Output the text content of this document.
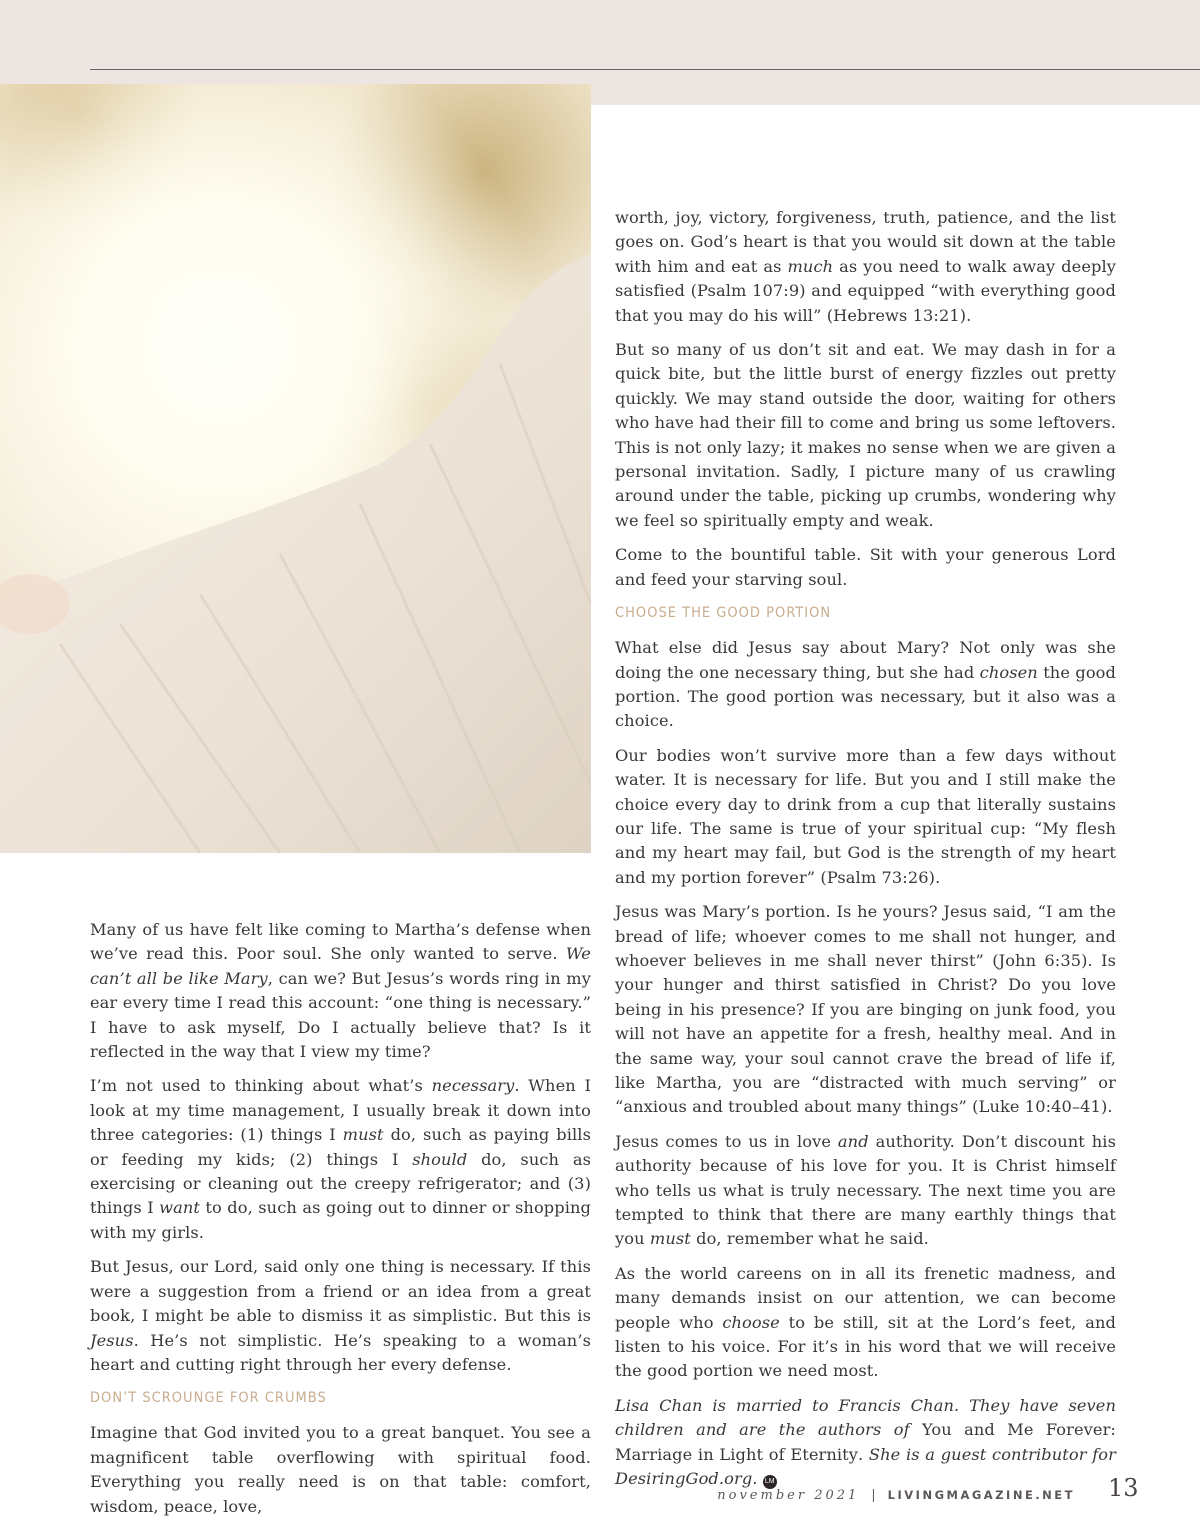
Many of us have felt like coming to Martha’s defense when we’ve read this. Poor soul. She only wanted to serve. We can’t all be like Mary, can we? But Jesus’s words ring in my ear every time I read this account: “one thing is necessary.” I have to ask myself, Do I actually believe that? Is it reflected in the way that I view my time?

I’m not used to thinking about what’s necessary. When I look at my time management, I usually break it down into three categories: (1) things I must do, such as paying bills or feeding my kids; (2) things I should do, such as exercising or cleaning out the creepy refrigerator; and (3) things I want to do, such as going out to dinner or shopping with my girls.

But Jesus, our Lord, said only one thing is necessary. If this were a suggestion from a friend or an idea from a great book, I might be able to dismiss it as simplistic. But this is Jesus. He’s not simplistic. He’s speaking to a woman’s heart and cutting right through her every defense.

DON’T SCROUNGE FOR CRUMBS

Imagine that God invited you to a great banquet. You see a magnificent table overflowing with spiritual food. Everything you really need is on that table: comfort, wisdom, peace, love,

worth, joy, victory, forgiveness, truth, patience, and the list goes on. God’s heart is that you would sit down at the table with him and eat as much as you need to walk away deeply satisfied (Psalm 107:9) and equipped “with everything good that you may do his will” (Hebrews 13:21).

But so many of us don’t sit and eat. We may dash in for a quick bite, but the little burst of energy fizzles out pretty quickly. We may stand outside the door, waiting for others who have had their fill to come and bring us some leftovers. This is not only lazy; it makes no sense when we are given a personal invitation. Sadly, I picture many of us crawling around under the table, picking up crumbs, wondering why we feel so spiritually empty and weak.

Come to the bountiful table. Sit with your generous Lord and feed your starving soul.

CHOOSE THE GOOD PORTION

What else did Jesus say about Mary? Not only was she doing the one necessary thing, but she had chosen the good portion. The good portion was necessary, but it also was a choice.

Our bodies won’t survive more than a few days without water. It is necessary for life. But you and I still make the choice every day to drink from a cup that literally sustains our life. The same is true of your spiritual cup: “My flesh and my heart may fail, but God is the strength of my heart and my portion forever” (Psalm 73:26).

Jesus was Mary’s portion. Is he yours? Jesus said, “I am the bread of life; whoever comes to me shall not hunger, and whoever believes in me shall never thirst” (John 6:35). Is your hunger and thirst satisfied in Christ? Do you love being in his presence? If you are binging on junk food, you will not have an appetite for a fresh, healthy meal. And in the same way, your soul cannot crave the bread of life if, like Martha, you are “distracted with much serving” or “anxious and troubled about many things” (Luke 10:40–41).

Jesus comes to us in love and authority. Don’t discount his authority because of his love for you. It is Christ himself who tells us what is truly necessary. The next time you are tempted to think that there are many earthly things that you must do, remember what he said.

As the world careens on in all its frenetic madness, and many demands insist on our attention, we can become people who choose to be still, sit at the Lord’s feet, and listen to his voice. For it’s in his word that we will receive the good portion we need most.

Lisa Chan is married to Francis Chan. They have seven children and are the authors of You and Me Forever: Marriage in Light of Eternity. She is a guest contributor for DesiringGod.org. LM

november 2021 | LIVINGMAGAZINE.NET 13
